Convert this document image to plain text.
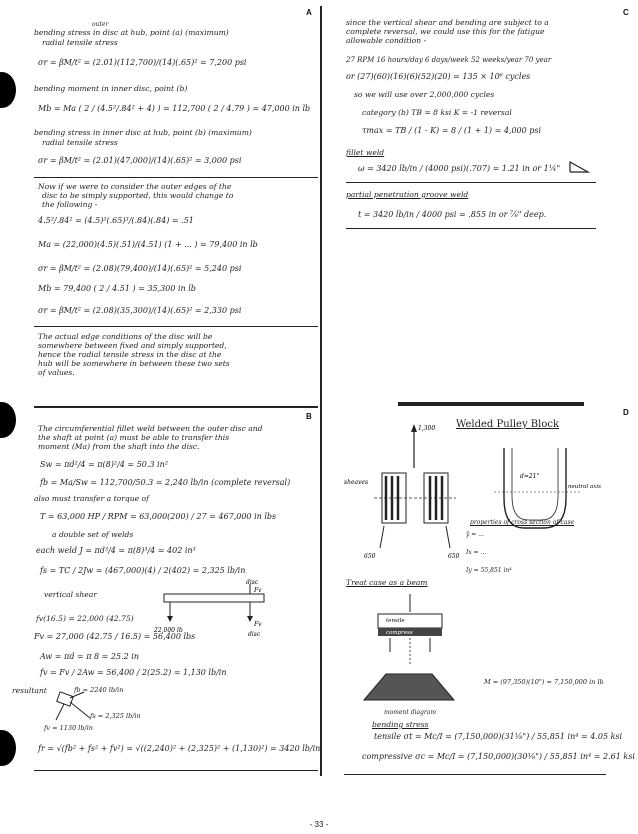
A	C
B	D
outer
bending stress in disc at hub, point (a) (maximum)
radial tensile stress
σr = βM/t² = (2.01)(112,700)/(14)(.65)² = 7,200 psi
bending moment in inner disc, point (b)
Mb = Ma ( 2 / (4.5²/.84² + 4) ) = 112,700 ( 2 / 4.79 ) = 47,000 in lb
bending stress in inner disc at hub, point (b) (maximum)
radial tensile stress
σr = βM/t² = (2.01)(47,000)/(14)(.65)² = 3,000 psi
Now if we were to consider the outer edges of the
disc to be simply supported, this would change to
the following -
4.5²/.84² = (4.5)²(.65)³/(.84)(.84) = .51
Ma = (22,000)(4.5)(.51)/(4.51) (1 + ... ) = 79,400 in lb
σr = βM/t² = (2.08)(79,400)/(14)(.65)² = 5,240 psi
Mb = 79,400 ( 2 / 4.51 ) = 35,300 in lb
σr = βM/t² = (2.08)(35,300)/(14)(.65)² = 2,330 psi
The actual edge conditions of the disc will be
somewhere between fixed and simply supported,
hence the radial tensile stress in the disc at the
hub will be somewhere in between these two sets
of values.
The circumferential fillet weld between the outer disc and
the shaft at point (a) must be able to transfer this
moment (Ma) from the shaft into the disc.
Sw = πd²/4 = π(8)²/4 = 50.3 in²
fb = Ma/Sw = 112,700/50.3 = 2,240 lb/in (complete reversal)
also must transfer a torque of
T = 63,000 HP / RPM = 63,000(200) / 27 = 467,000 in lbs
a double set of welds
each weld J = πd³/4 = π(8)³/4 = 402 in³
fs = TC / 2Jw = (467,000)(4) / 2(402) = 2,325 lb/in
vertical shear
disc
Fv
22,000 lb
Fv
disc
fv(16.5) = 22,000 (42.75)
Fv = 27,000 (42.75 / 16.5) = 56,400 lbs
Aw = πd = π 8 = 25.2 in
fv = Fv / 2Aw = 56,400 / 2(25.2) = 1,130 lb/in
resultant	fb = 2240 lb/in
fs = 2,325 lb/in
fv = 1130 lb/in
fr = √(fb² + fs² + fv²) = √((2,240)² + (2,325)² + (1,130)²) = 3420 lb/in
since the vertical shear and bending are subject to a
complete reversal, we could use this for the fatigue
allowable condition -
27 RPM 16 hours/day 6 days/week 52 weeks/year 70 year
or (27)(60)(16)(6)(52)(20) = 135 × 10⁶ cycles
so we will use over 2,000,000 cycles
category (b) TB = 8 ksi K = -1 reversal
τmax = TB / (1 - K) = 8 / (1 + 1) = 4,000 psi
fillet weld
ω = 3420 lb/in / (4000 psi)(.707) = 1.21 in or 1¼"
partial penetration groove weld
t = 3420 lb/in / 4000 psi = .855 in or ⅞" deep.
Welded Pulley Block
1,300
650	650
sheaves
neutral axis
d=21"
properties of cross section of case
ȳ = ...
Ix = ...
Iy = 55,851 in⁴
Treat case as a beam
tensile
compress
M = (97,350)(10") = 7,150,000 in lb
moment diagram
bending stress
tensile σt = Mc/I = (7,150,000)(31⅛") / 55,851 in⁴ = 4.05 ksi
compressive σc = Mc/I = (7,150,000)(30⅜") / 55,851 in⁴ = 2.61 ksi
- 33 -
